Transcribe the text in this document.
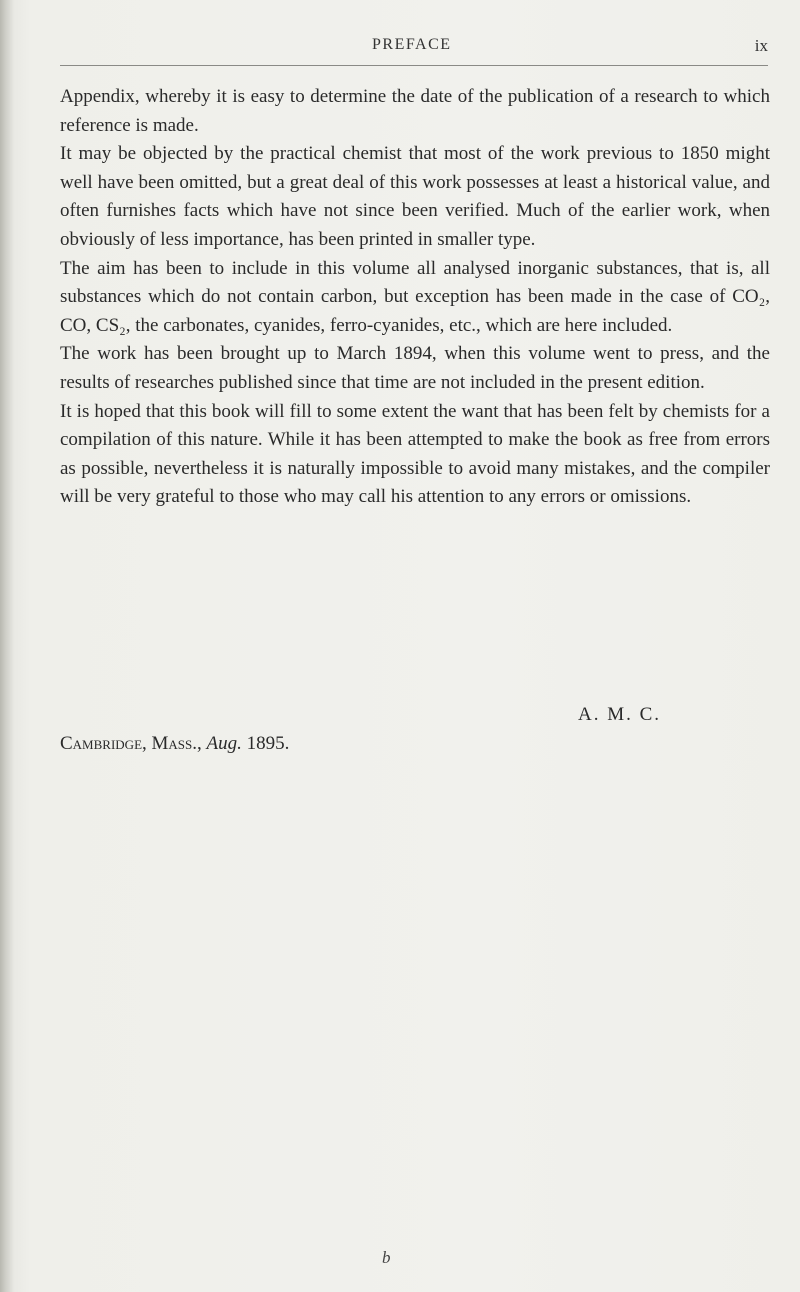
PREFACE	ix

Appendix, whereby it is easy to determine the date of the publication of a research to which reference is made.

It may be objected by the practical chemist that most of the work previous to 1850 might well have been omitted, but a great deal of this work possesses at least a historical value, and often furnishes facts which have not since been verified. Much of the earlier work, when obviously of less importance, has been printed in smaller type.

The aim has been to include in this volume all analysed inorganic substances, that is, all substances which do not contain carbon, but exception has been made in the case of CO₂, CO, CS₂, the carbonates, cyanides, ferro-cyanides, etc., which are here included.

The work has been brought up to March 1894, when this volume went to press, and the results of researches published since that time are not included in the present edition.

It is hoped that this book will fill to some extent the want that has been felt by chemists for a compilation of this nature. While it has been attempted to make the book as free from errors as possible, nevertheless it is naturally impossible to avoid many mistakes, and the compiler will be very grateful to those who may call his attention to any errors or omissions.

A. M. C.
Cambridge, Mass., Aug. 1895.
b
